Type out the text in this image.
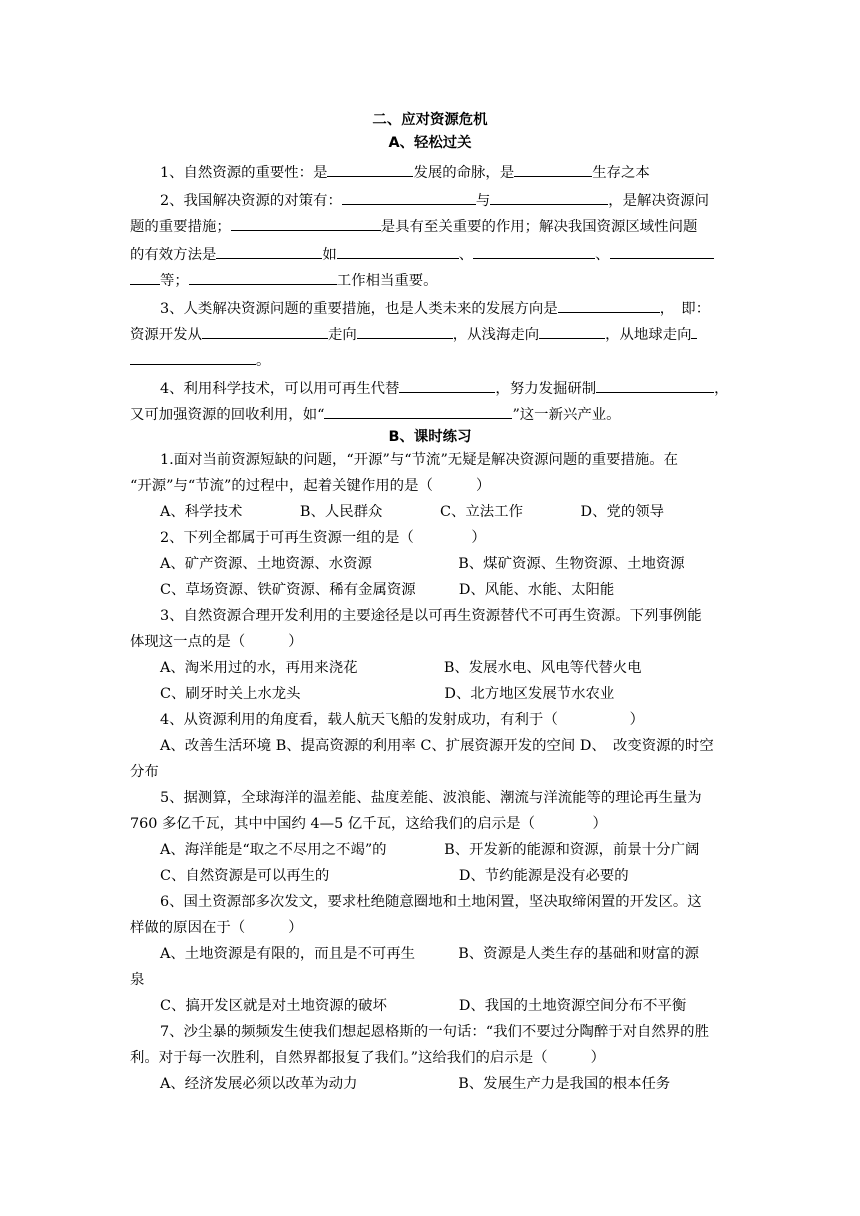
二、应对资源危机
A、轻松过关
1、自然资源的重要性：是	发展的命脉，是	生存之本
2、我国解决资源的对策有：	与	，是解决资源问
题的重要措施；	是具有至关重要的作用；解决我国资源区域性问题
的有效方法是	如	、	、
等；	工作相当重要。
3、人类解决资源问题的重要措施，也是人类未来的发展方向是	，　即：
资源开发从	走向	，从浅海走向	，从地球走向
。
4、利用科学技术，可以用可再生代替	，努力发掘研制	，
又可加强资源的回收利用，如“	”这一新兴产业。
B、课时练习
1.面对当前资源短缺的问题，“开源”与“节流”无疑是解决资源问题的重要措施。在
“开源”与“节流”的过程中，起着关键作用的是（　　　）
A、科学技术　　　　B、人民群众　　　　C、立法工作　　　　D、党的领导
2、下列全都属于可再生资源一组的是（　　　　）
A、矿产资源、土地资源、水资源　　　　　　B、煤矿资源、生物资源、土地资源
C、草场资源、铁矿资源、稀有金属资源　　　D、风能、水能、太阳能
3、自然资源合理开发利用的主要途径是以可再生资源替代不可再生资源。下列事例能
体现这一点的是（　　　）
A、淘米用过的水，再用来浇花　　　　　　B、发展水电、风电等代替火电
C、刷牙时关上水龙头　　　　　　　　　　D、北方地区发展节水农业
4、从资源利用的角度看，载人航天飞船的发射成功，有利于（　　　　　）
A、改善生活环境 B、提高资源的利用率 C、扩展资源开发的空间 D、　改变资源的时空
分布
5、据测算，全球海洋的温差能、盐度差能、波浪能、潮流与洋流能等的理论再生量为
760 多亿千瓦，其中中国约 4—5 亿千瓦，这给我们的启示是（　　　　）
A、海洋能是“取之不尽用之不竭”的　　　　B、开发新的能源和资源，前景十分广阔
C、自然资源是可以再生的　　　　　　　　　D、节约能源是没有必要的
6、国土资源部多次发文，要求杜绝随意圈地和土地闲置，坚决取缔闲置的开发区。这
样做的原因在于（　　　）
A、土地资源是有限的，而且是不可再生　　　B、资源是人类生存的基础和财富的源
泉
C、搞开发区就是对土地资源的破坏　　　　　D、我国的土地资源空间分布不平衡
7、沙尘暴的频频发生使我们想起恩格斯的一句话：“我们不要过分陶醉于对自然界的胜
利。对于每一次胜利，自然界都报复了我们。”这给我们的启示是（　　　）
A、经济发展必须以改革为动力　　　　　　　B、发展生产力是我国的根本任务
